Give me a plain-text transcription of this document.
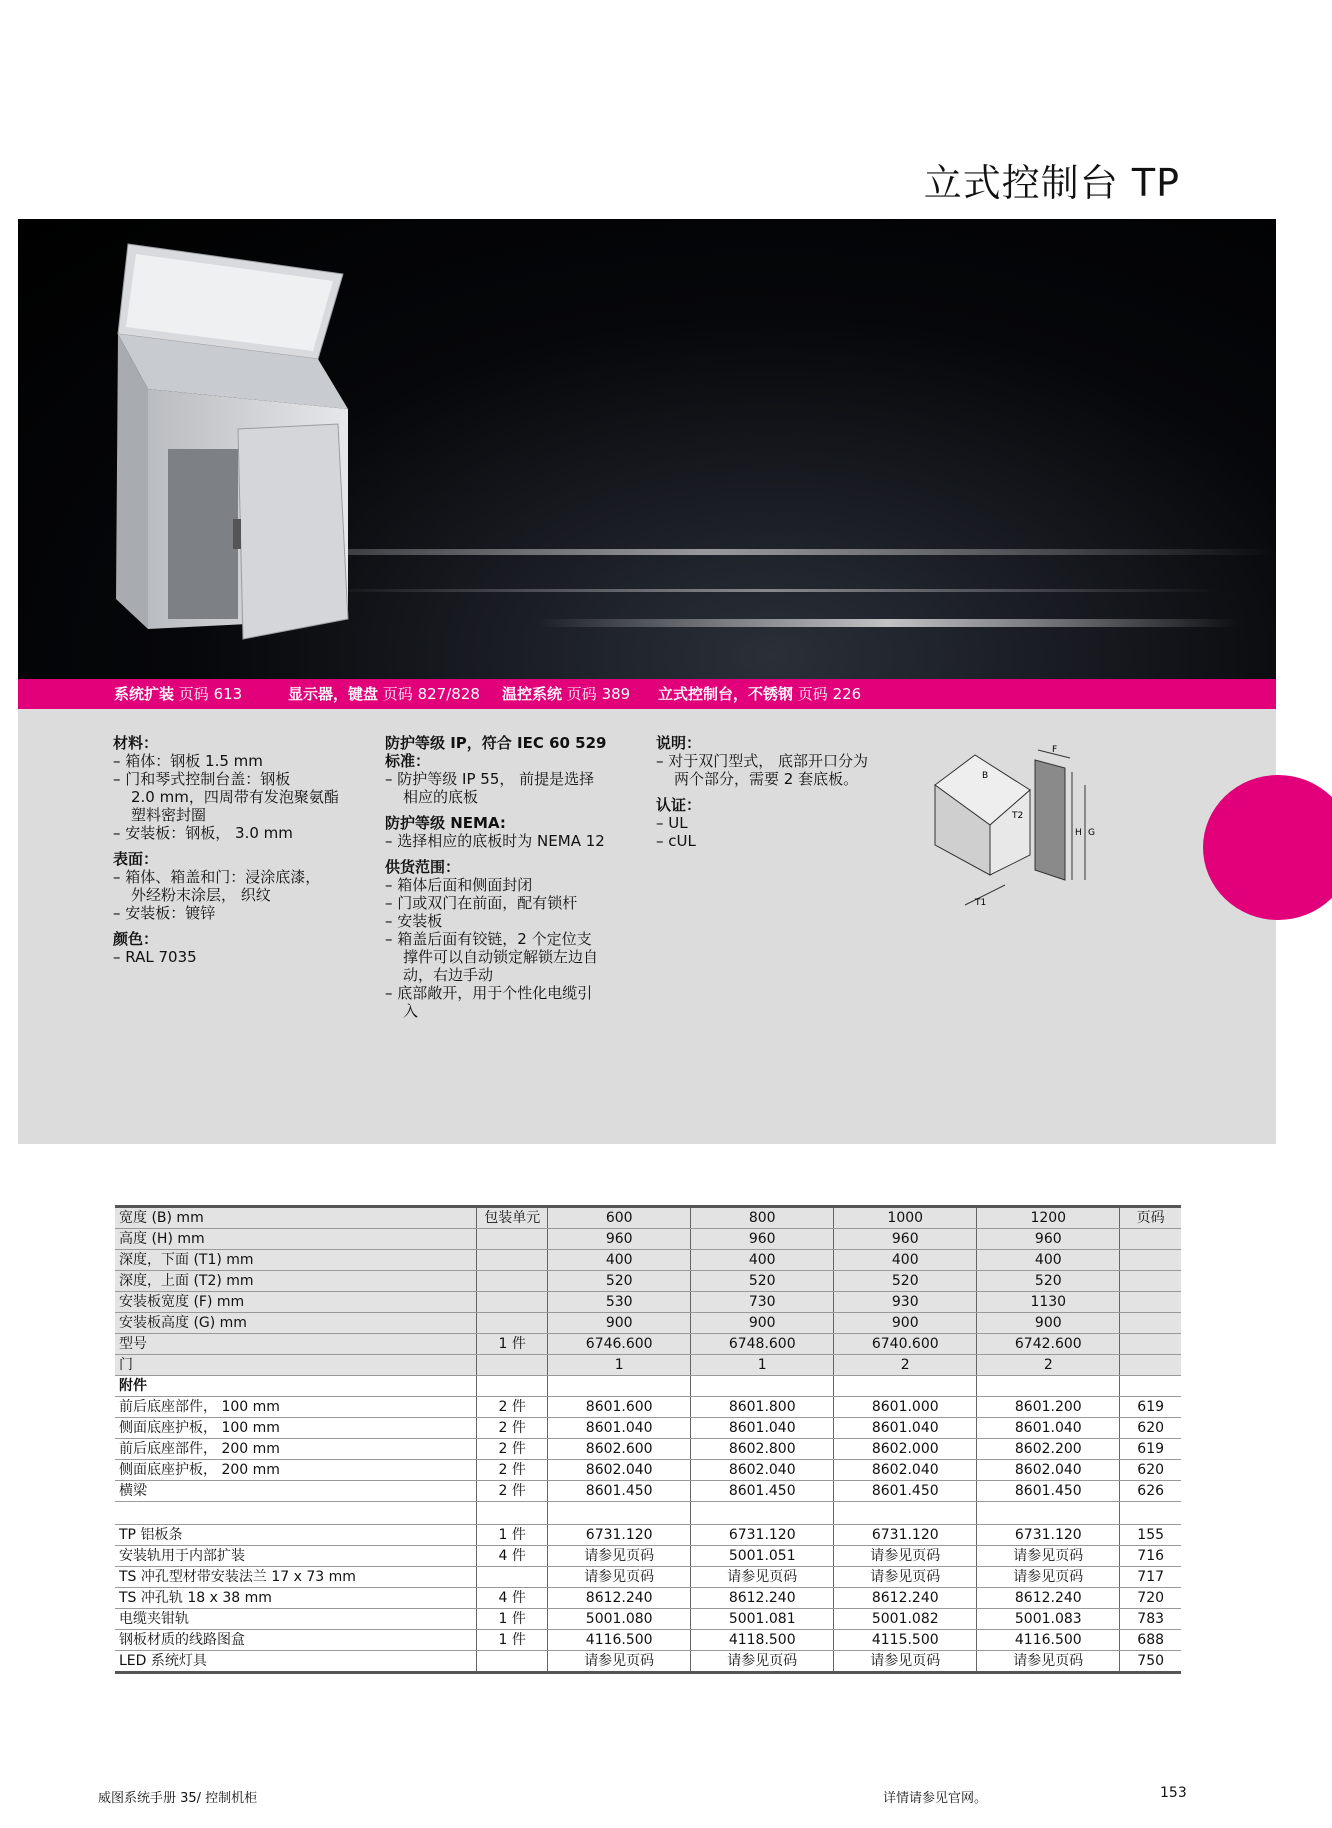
立式控制台 TP
系统扩装 页码 613	显示器，键盘 页码 827/828 温控系统 页码 389 立式控制台，不锈钢 页码 226
材料：
– 箱体：钢板 1.5 mm
– 门和琴式控制台盖：钢板
2.0 mm，四周带有发泡聚氨酯
塑料密封圈
– 安装板：钢板， 3.0 mm
表面：
– 箱体、箱盖和门：浸涂底漆，
外经粉末涂层， 织纹
– 安装板：镀锌
颜色：
– RAL 7035
防护等级 IP，符合 IEC 60 529
标准：
– 防护等级 IP 55， 前提是选择
相应的底板
防护等级 NEMA:
– 选择相应的底板时为 NEMA 12
供货范围：
– 箱体后面和侧面封闭
– 门或双门在前面，配有锁杆
– 安装板
– 箱盖后面有铰链，2 个定位支
撑件可以自动锁定解锁左边自
动，右边手动
– 底部敞开，用于个性化电缆引
入
说明：
– 对于双门型式， 底部开口分为
两个部分，需要 2 套底板。
认证：
– UL
– cUL
F
B
T2
H G
T1
宽度 (B) mm	包装单元	600	800	1000	1200	页码
高度 (H) mm		960	960	960	960	
深度，下面 (T1) mm		400	400	400	400	
深度，上面 (T2) mm		520	520	520	520	
安装板宽度 (F) mm		530	730	930	1130	
安装板高度 (G) mm		900	900	900	900	
型号	1 件	6746.600	6748.600	6740.600	6742.600	
门		1	1	2	2	
附件						
前后底座部件， 100 mm	2 件	8601.600	8601.800	8601.000	8601.200	619
侧面底座护板， 100 mm	2 件	8601.040	8601.040	8601.040	8601.040	620
前后底座部件， 200 mm	2 件	8602.600	8602.800	8602.000	8602.200	619
侧面底座护板， 200 mm	2 件	8602.040	8602.040	8602.040	8602.040	620
横梁	2 件	8601.450	8601.450	8601.450	8601.450	626

TP 铝板条	1 件	6731.120	6731.120	6731.120	6731.120	155
安装轨用于内部扩装	4 件	请参见页码	5001.051	请参见页码	请参见页码	716
TS 冲孔型材带安装法兰 17 x 73 mm		请参见页码	请参见页码	请参见页码	请参见页码	717
TS 冲孔轨 18 x 38 mm	4 件	8612.240	8612.240	8612.240	8612.240	720
电缆夹钳轨	1 件	5001.080	5001.081	5001.082	5001.083	783
钢板材质的线路图盒	1 件	4116.500	4118.500	4115.500	4116.500	688
LED 系统灯具		请参见页码	请参见页码	请参见页码	请参见页码	750
威图系统手册 35/ 控制机柜	详情请参见官网。	153
